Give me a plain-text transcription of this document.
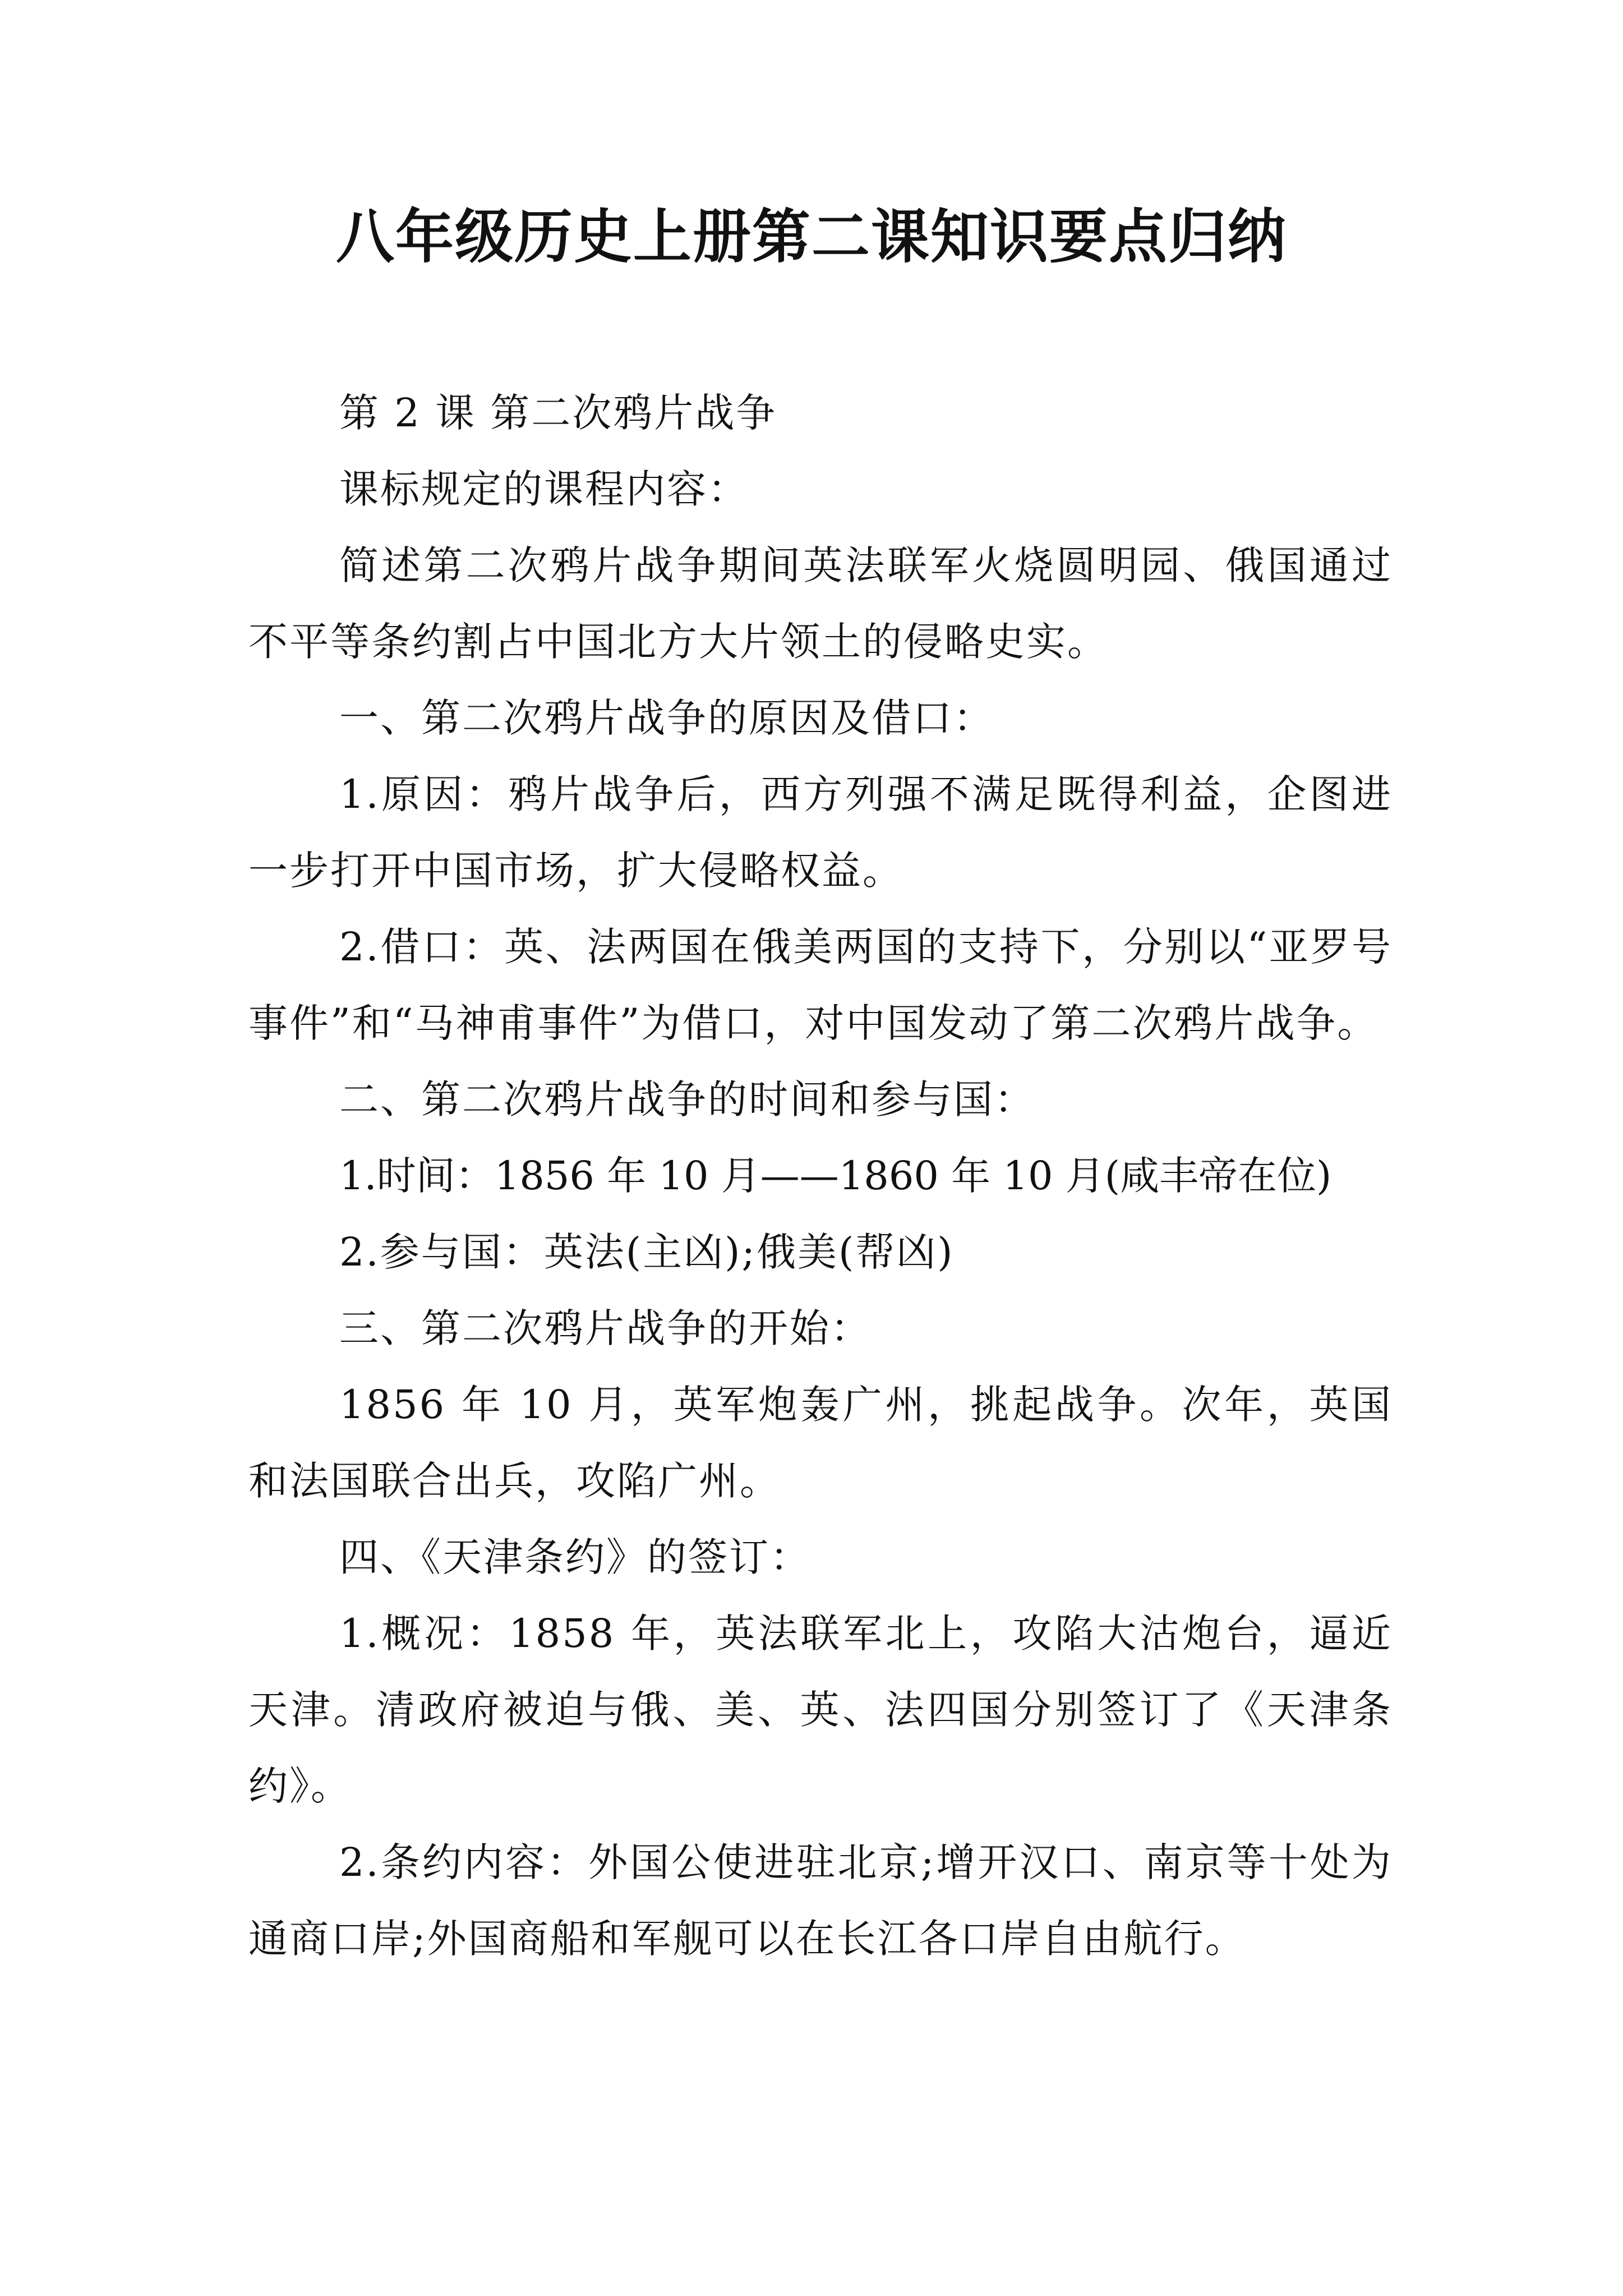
八年级历史上册第二课知识要点归纳

第 2 课 第二次鸦片战争

课标规定的课程内容：

简述第二次鸦片战争期间英法联军火烧圆明园、俄国通过不平等条约割占中国北方大片领土的侵略史实。

一、第二次鸦片战争的原因及借口：

1.原因：鸦片战争后，西方列强不满足既得利益，企图进一步打开中国市场，扩大侵略权益。

2.借口：英、法两国在俄美两国的支持下，分别以“亚罗号事件”和“马神甫事件”为借口，对中国发动了第二次鸦片战争。

二、第二次鸦片战争的时间和参与国：

1.时间：1856 年 10 月——1860 年 10 月(咸丰帝在位)

2.参与国：英法(主凶);俄美(帮凶)

三、第二次鸦片战争的开始：

1856 年 10 月，英军炮轰广州，挑起战争。次年，英国和法国联合出兵，攻陷广州。

四、《天津条约》的签订：

1.概况：1858 年，英法联军北上，攻陷大沽炮台，逼近天津。清政府被迫与俄、美、英、法四国分别签订了《天津条约》。

2.条约内容：外国公使进驻北京;增开汉口、南京等十处为通商口岸;外国商船和军舰可以在长江各口岸自由航行。
